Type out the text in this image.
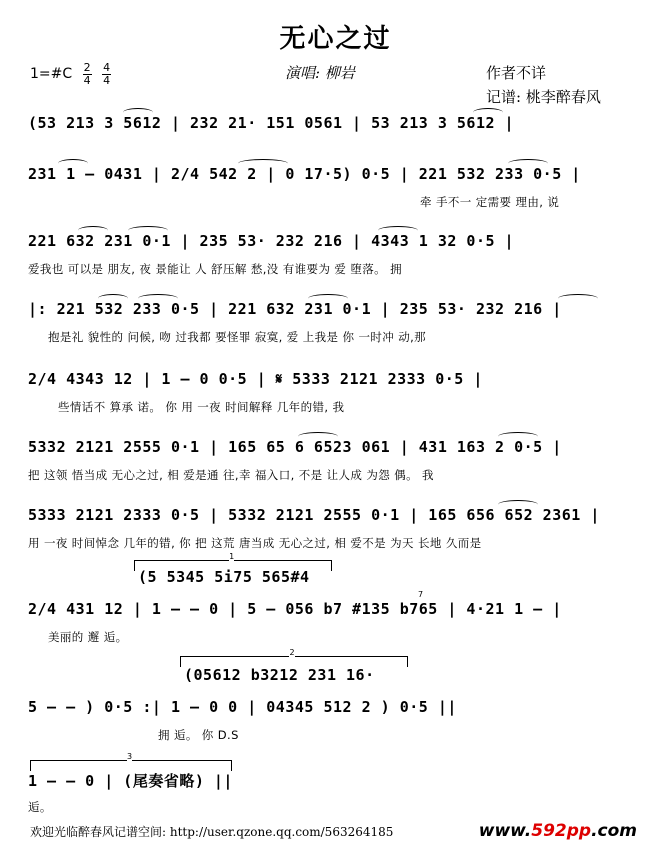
无心之过
1=#C $\frac{2}{4}$
$\frac{4}{4}$	演唱: 柳岩	作者不详
记谱: 桃李醉春风
(53 213 3 5612 | 232 21· 151 0561 | 53 213 3 5612 |
231 1 – 0431 | 2/4 542 2 | 0 17·5) 0·5 | 221 532 233 0·5 |
牵 手不一 定需要 理由, 说
221 632 231 0·1 | 235 53· 232 216 | 4343 1 32 0·5 |
爱我也 可以是 朋友, 夜 景能让 人 舒压解 愁,没 有谁要为 爱 堕落。 拥
|: 221 532 233 0·5 | 221 632 231 0·1 | 235 53· 232 216 |
抱是礼 貌性的 问候, 吻 过我都 要怪罪 寂寞, 爱 上我是 你 一时冲 动,那
2/4 4343 12 | 1 – 0 0·5 | 𝄋 5333 2121 2333 0·5 |
些情话不 算承 诺。 你 用 一夜 时间解释 几年的错, 我
5332 2121 2555 0·1 | 165 65 6 6523 061 | 431 163 2 0·5 |
把 这领 悟当成 无心之过, 相 爱是通 往,幸 福入口, 不是 让人成 为怨 偶。 我
5333 2121 2333 0·5 | 5332 2121 2555 0·1 | 165 656 652 2361 |
用 一夜 时间悼念 几年的错, 你 把 这荒 唐当成 无心之过, 相 爱不是 为天 长地 久而是
1
(5 5345 5i75 565#4
2/4 431 12 | 1 – – 0 | 5 – 056 b7 #135 b765 | 4·21 1 – |
美丽的 邂 逅。
7
2
(05612 b3212 231 16·
5 – – ) 0·5 :| 1 – 0 0 | 04345 512 2 ) 0·5 ||
拥 逅。 你 D.S
3
1 – – 0 | (尾奏省略) ||
逅。
欢迎光临醉春风记谱空间: http://user.qzone.qq.com/563264185	www.592pp.com
